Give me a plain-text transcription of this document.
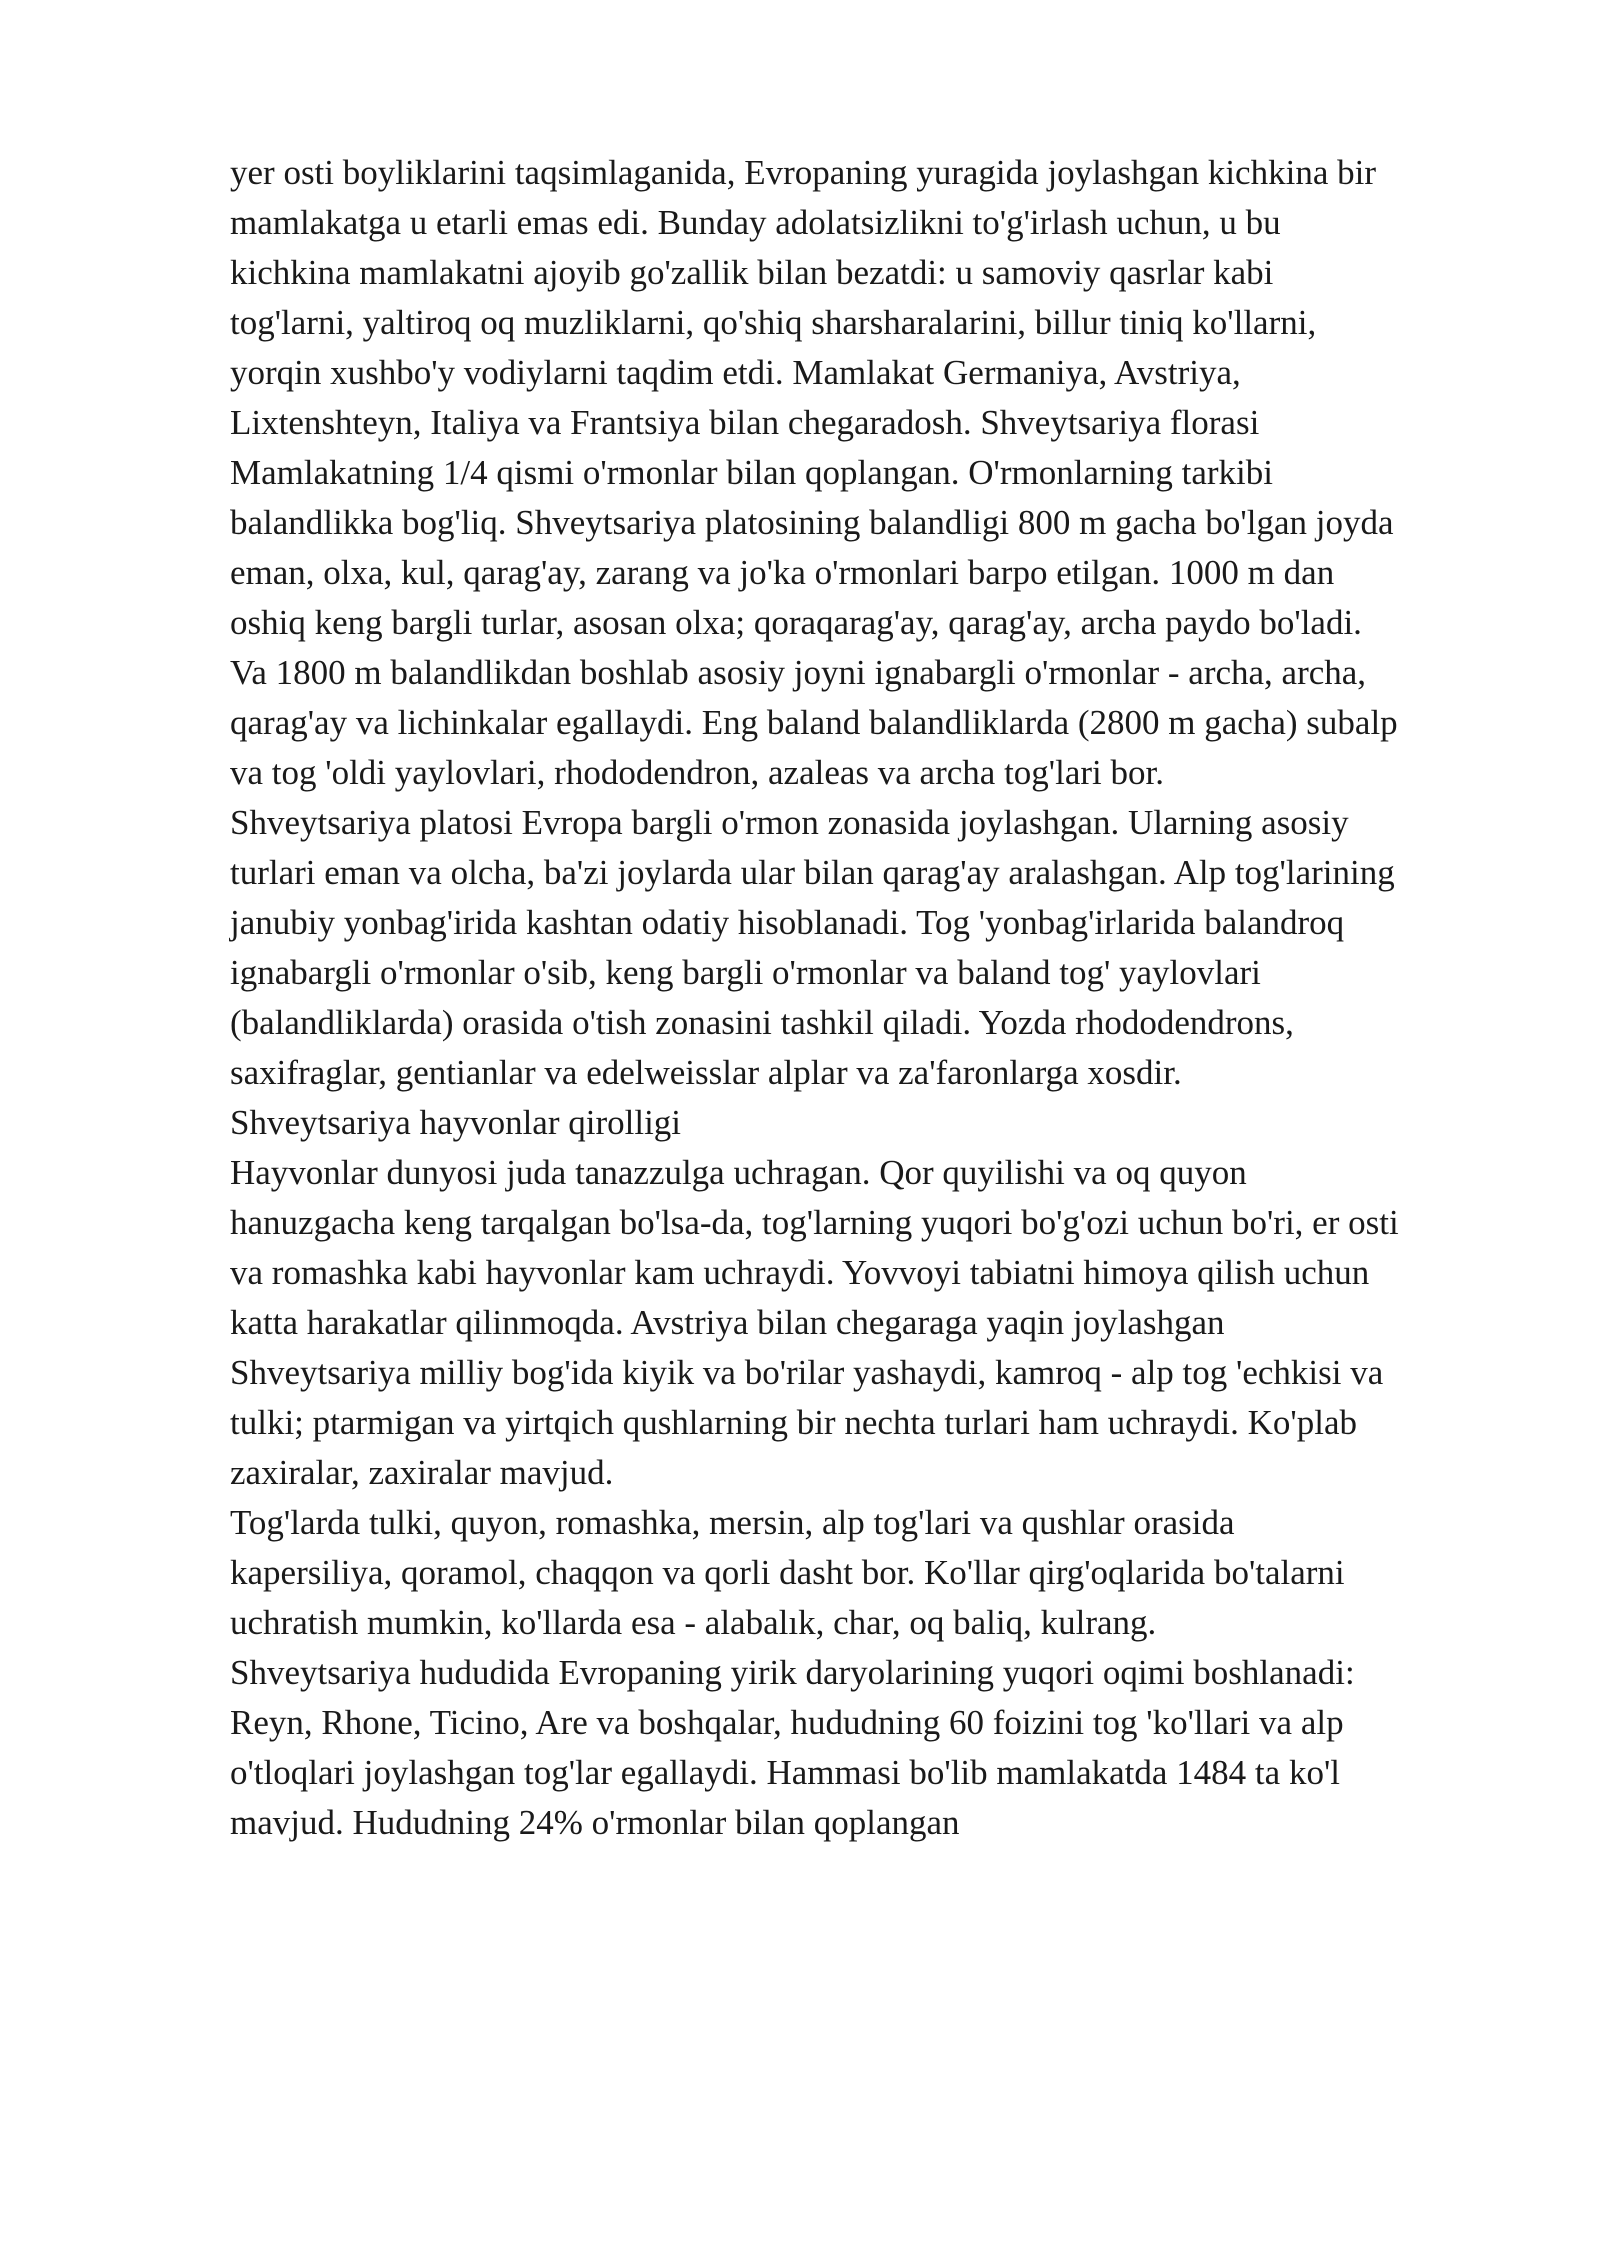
yer osti boyliklarini taqsimlaganida, Evropaning yuragida joylashgan kichkina bir
mamlakatga u etarli emas edi. Bunday adolatsizlikni to'g'irlash uchun, u bu
kichkina mamlakatni ajoyib go'zallik bilan bezatdi: u samoviy qasrlar kabi
tog'larni, yaltiroq oq muzliklarni, qo'shiq sharsharalarini, billur tiniq ko'llarni,
yorqin xushbo'y vodiylarni taqdim etdi. Mamlakat Germaniya, Avstriya,
Lixtenshteyn, Italiya va Frantsiya bilan chegaradosh. Shveytsariya florasi
Mamlakatning 1/4 qismi o'rmonlar bilan qoplangan. O'rmonlarning tarkibi
balandlikka bog'liq. Shveytsariya platosining balandligi 800 m gacha bo'lgan joyda
eman, olxa, kul, qarag'ay, zarang va jo'ka o'rmonlari barpo etilgan. 1000 m dan
oshiq keng bargli turlar, asosan olxa; qoraqarag'ay, qarag'ay, archa paydo bo'ladi.
Va 1800 m balandlikdan boshlab asosiy joyni ignabargli o'rmonlar - archa, archa,
qarag'ay va lichinkalar egallaydi. Eng baland balandliklarda (2800 m gacha) subalp
va tog 'oldi yaylovlari, rhododendron, azaleas va archa tog'lari bor.
Shveytsariya platosi Evropa bargli o'rmon zonasida joylashgan. Ularning asosiy
turlari eman va olcha, ba'zi joylarda ular bilan qarag'ay aralashgan. Alp tog'larining
janubiy yonbag'irida kashtan odatiy hisoblanadi. Tog 'yonbag'irlarida balandroq
ignabargli o'rmonlar o'sib, keng bargli o'rmonlar va baland tog' yaylovlari
(balandliklarda) orasida o'tish zonasini tashkil qiladi. Yozda rhododendrons,
saxifraglar, gentianlar va edelweisslar alplar va za'faronlarga xosdir.
Shveytsariya hayvonlar qirolligi
Hayvonlar dunyosi juda tanazzulga uchragan. Qor quyilishi va oq quyon
hanuzgacha keng tarqalgan bo'lsa-da, tog'larning yuqori bo'g'ozi uchun bo'ri, er osti
va romashka kabi hayvonlar kam uchraydi. Yovvoyi tabiatni himoya qilish uchun
katta harakatlar qilinmoqda. Avstriya bilan chegaraga yaqin joylashgan
Shveytsariya milliy bog'ida kiyik va bo'rilar yashaydi, kamroq - alp tog 'echkisi va
tulki; ptarmigan va yirtqich qushlarning bir nechta turlari ham uchraydi. Ko'plab
zaxiralar, zaxiralar mavjud.
Tog'larda tulki, quyon, romashka, mersin, alp tog'lari va qushlar orasida
kapersiliya, qoramol, chaqqon va qorli dasht bor. Ko'llar qirg'oqlarida bo'talarni
uchratish mumkin, ko'llarda esa - alabalık, char, oq baliq, kulrang.
Shveytsariya hududida Evropaning yirik daryolarining yuqori oqimi boshlanadi:
Reyn, Rhone, Ticino, Are va boshqalar, hududning 60 foizini tog 'ko'llari va alp
o'tloqlari joylashgan tog'lar egallaydi. Hammasi bo'lib mamlakatda 1484 ta ko'l
mavjud. Hududning 24% o'rmonlar bilan qoplangan
